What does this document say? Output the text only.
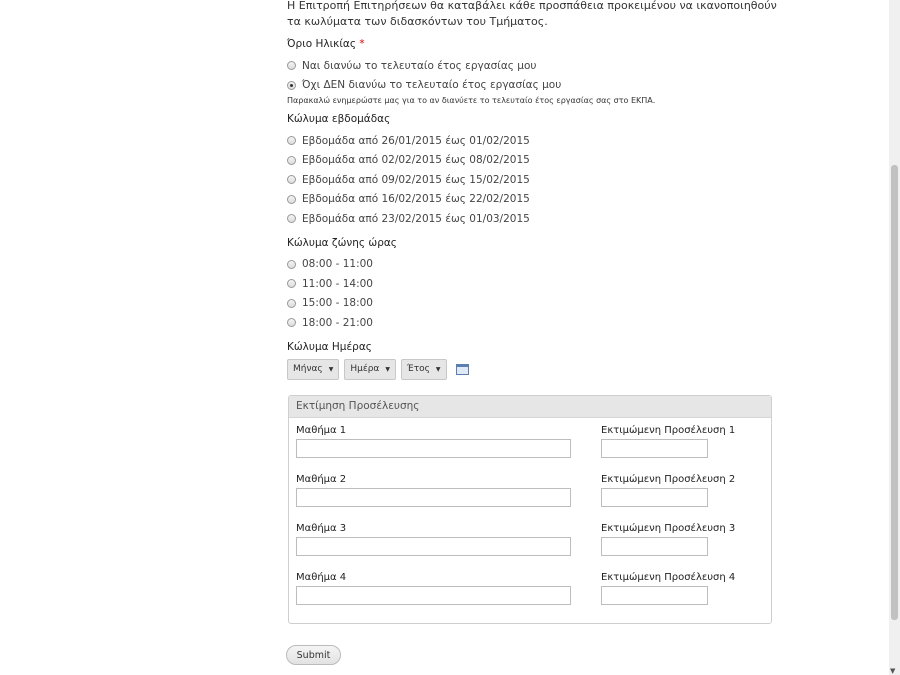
Η Επιτροπή Επιτηρήσεων θα καταβάλει κάθε προσπάθεια προκειμένου να ικανοποιηθούν τα κωλύματα των διδασκόντων του Τμήματος.
Όριο Ηλικίας *
Ναι διανύω το τελευταίο έτος εργασίας μου
Όχι ΔΕΝ διανύω το τελευταίο έτος εργασίας μου
Παρακαλώ ενημερώστε μας για το αν διανύετε το τελευταίο έτος εργασίας σας στο ΕΚΠΑ.
Κώλυμα εβδομάδας
Εβδομάδα από 26/01/2015 έως 01/02/2015
Εβδομάδα από 02/02/2015 έως 08/02/2015
Εβδομάδα από 09/02/2015 έως 15/02/2015
Εβδομάδα από 16/02/2015 έως 22/02/2015
Εβδομάδα από 23/02/2015 έως 01/03/2015
Κώλυμα ζώνης ώρας
08:00 - 11:00
11:00 - 14:00
15:00 - 18:00
18:00 - 21:00
Κώλυμα Ημέρας
Μήνας ▼ Ημέρα ▼ Έτος ▼
Εκτίμηση Προσέλευσης
Μαθήμα 1	Εκτιμώμενη Προσέλευση 1
Μαθήμα 2	Εκτιμώμενη Προσέλευση 2
Μαθήμα 3	Εκτιμώμενη Προσέλευση 3
Μαθήμα 4	Εκτιμώμενη Προσέλευση 4
Submit
▼
